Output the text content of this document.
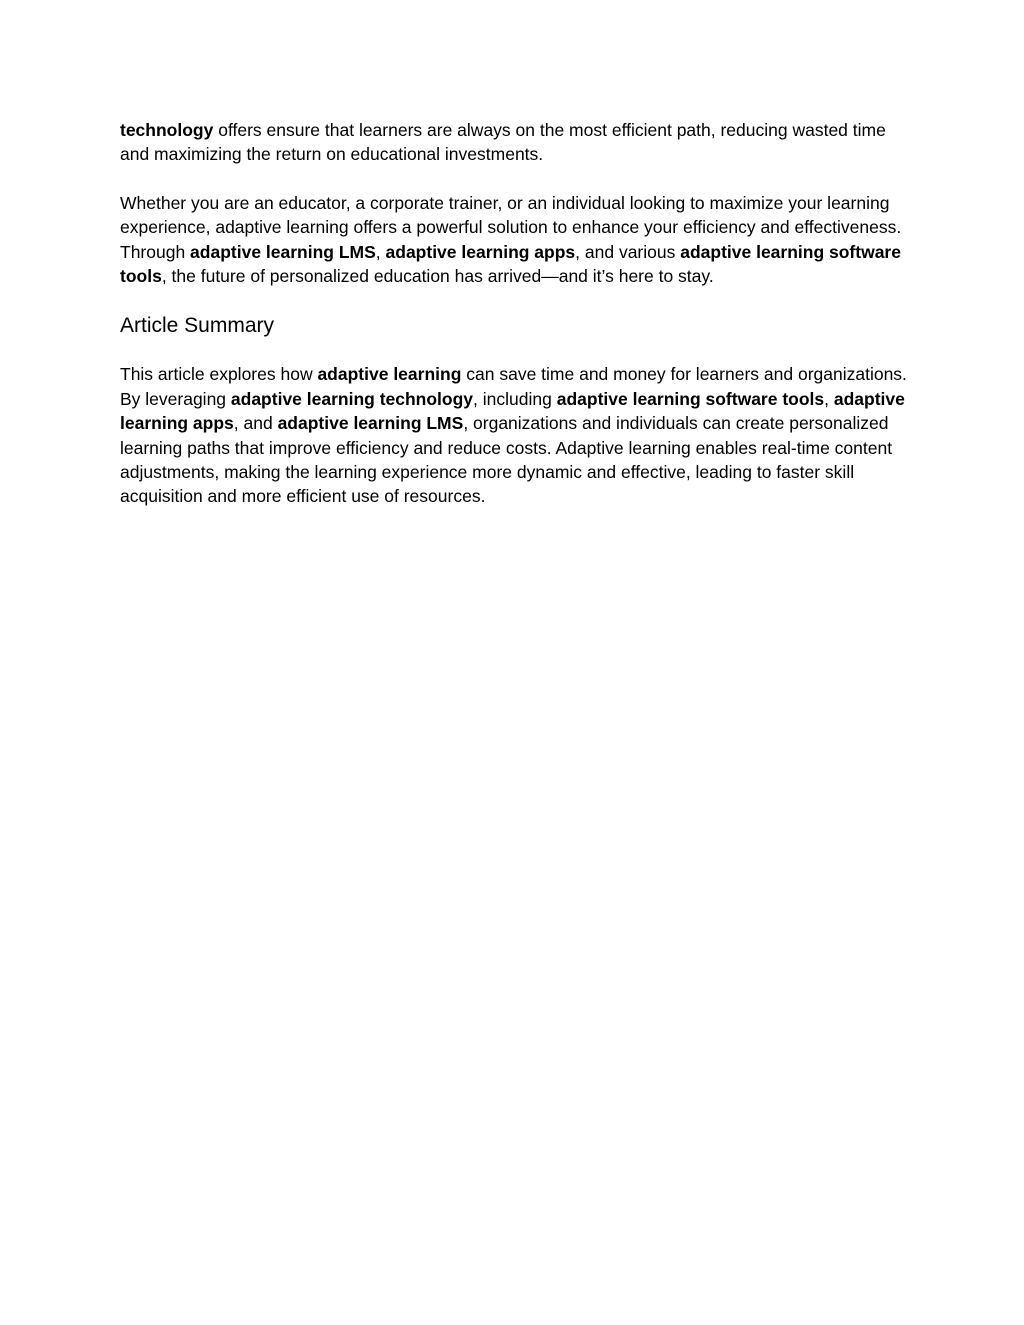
technology offers ensure that learners are always on the most efficient path, reducing wasted time and maximizing the return on educational investments.

Whether you are an educator, a corporate trainer, or an individual looking to maximize your learning experience, adaptive learning offers a powerful solution to enhance your efficiency and effectiveness. Through adaptive learning LMS, adaptive learning apps, and various adaptive learning software tools, the future of personalized education has arrived—and it’s here to stay.

Article Summary

This article explores how adaptive learning can save time and money for learners and organizations. By leveraging adaptive learning technology, including adaptive learning software tools, adaptive learning apps, and adaptive learning LMS, organizations and individuals can create personalized learning paths that improve efficiency and reduce costs. Adaptive learning enables real-time content adjustments, making the learning experience more dynamic and effective, leading to faster skill acquisition and more efficient use of resources.
